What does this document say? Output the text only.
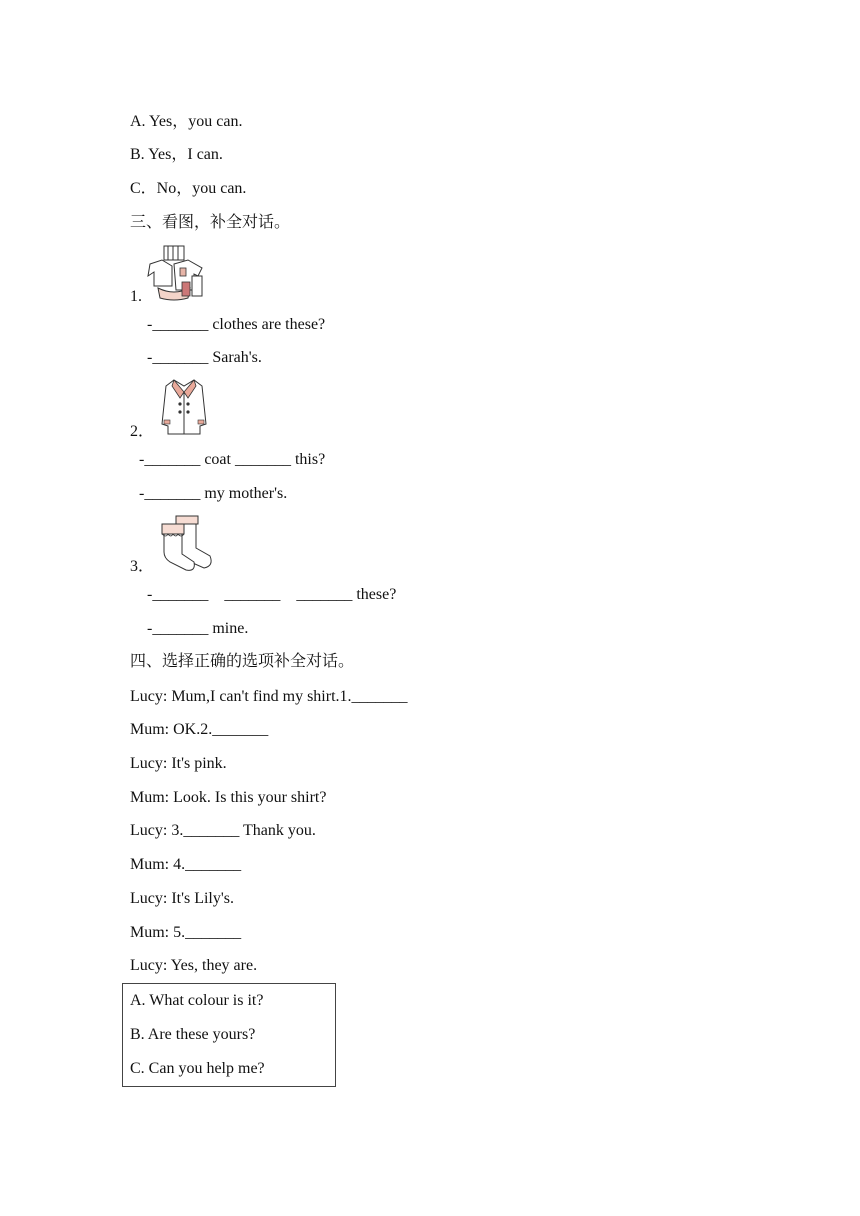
A. Yes，you can.
B. Yes，I can.
C．No，you can.
三、看图，补全对话。
1.
-_______ clothes are these?
-_______ Sarah's.
2．
-_______ coat _______ this?
-_______ my mother's.
3．
-_______    _______    _______ these?
-_______ mine.
四、选择正确的选项补全对话。
Lucy: Mum,I can't find my shirt.1._______
Mum: OK.2._______
Lucy: It's pink.
Mum: Look. Is this your shirt?
Lucy: 3._______ Thank you.
Mum: 4._______
Lucy: It's Lily's.
Mum: 5._______
Lucy: Yes, they are.
A. What colour is it?
B. Are these yours?
C. Can you help me?
